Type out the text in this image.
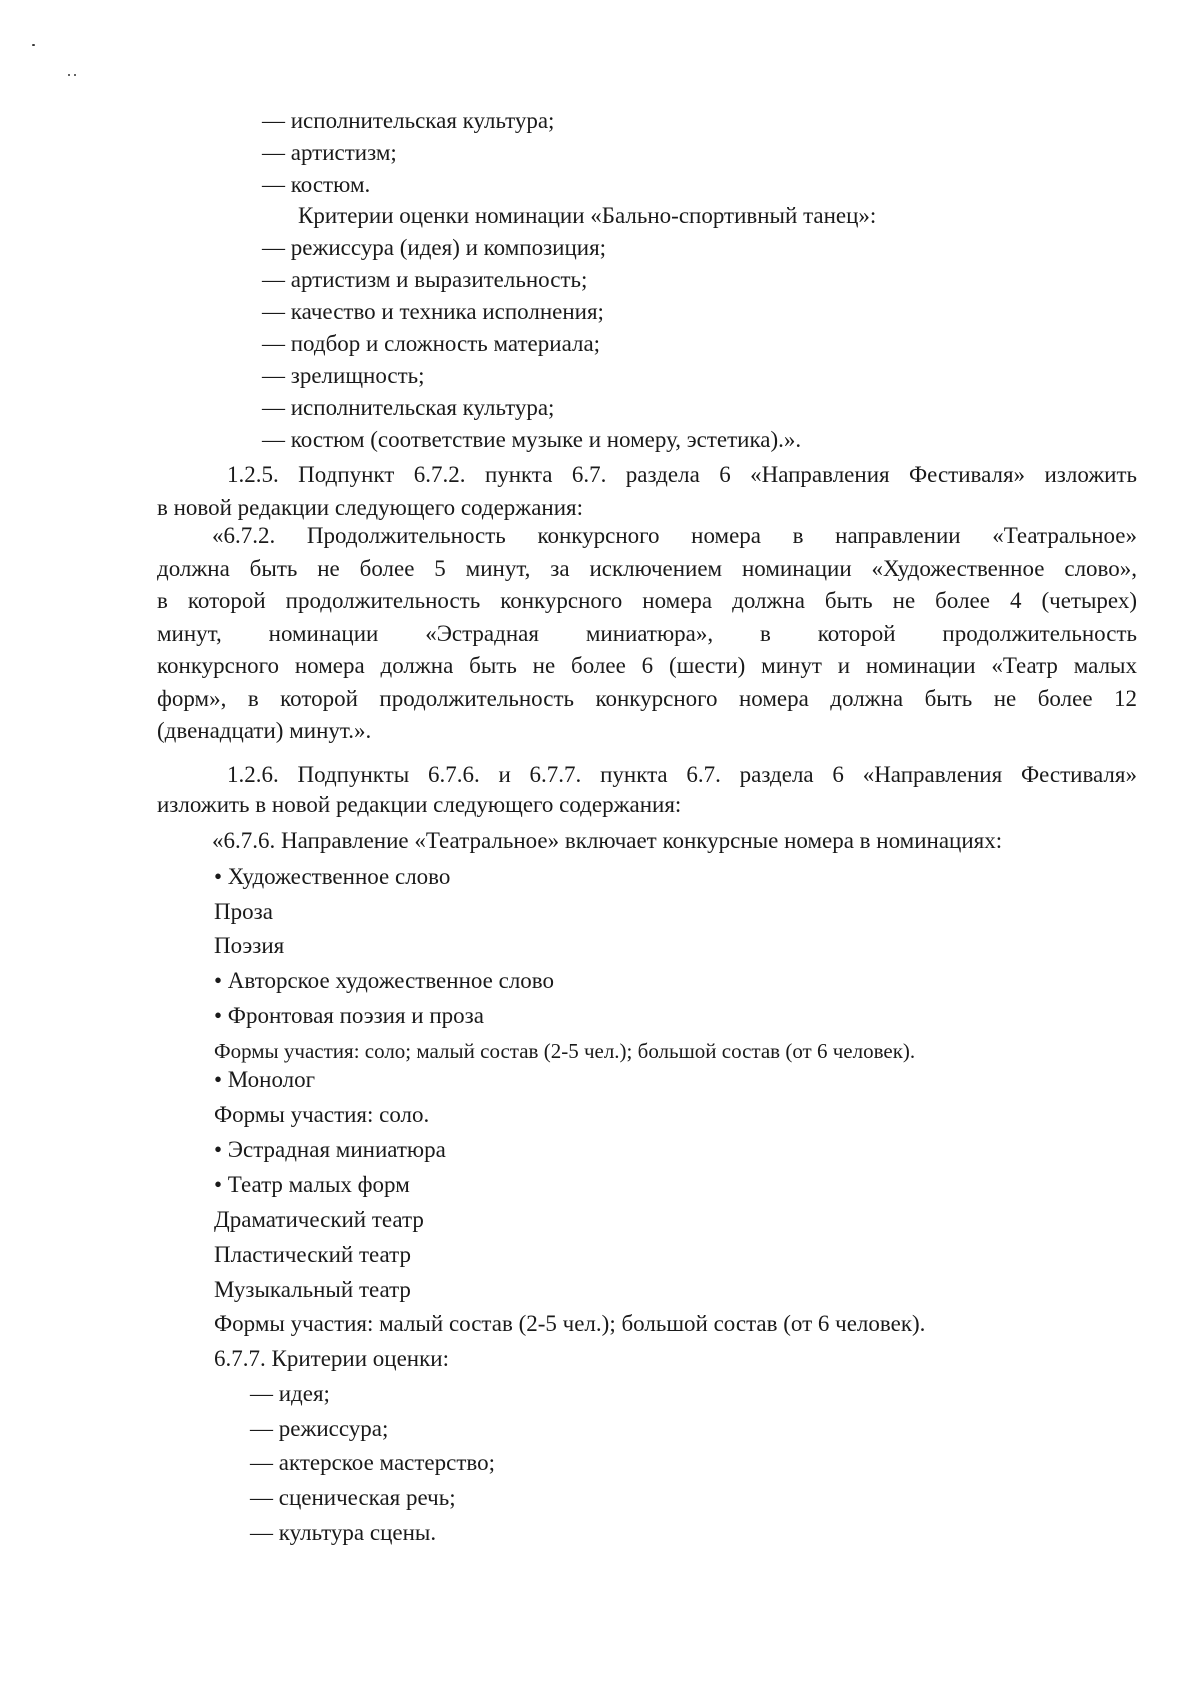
— исполнительская культура;
— артистизм;
— костюм.
Критерии оценки номинации «Бально-спортивный танец»:
— режиссура (идея) и композиция;
— артистизм и выразительность;
— качество и техника исполнения;
— подбор и сложность материала;
— зрелищность;
— исполнительская культура;
— костюм (соответствие музыке и номеру, эстетика).».
1.2.5. Подпункт 6.7.2. пункта 6.7. раздела 6 «Направления Фестиваля» изложить
в новой редакции следующего содержания:
«6.7.2. Продолжительность конкурсного номера в направлении «Театральное»
должна быть не более 5 минут, за исключением номинации «Художественное слово»,
в которой продолжительность конкурсного номера должна быть не более 4 (четырех)
минут, номинации «Эстрадная миниатюра», в которой продолжительность
конкурсного номера должна быть не более 6 (шести) минут и номинации «Театр малых
форм», в которой продолжительность конкурсного номера должна быть не более 12
(двенадцати) минут.».
1.2.6. Подпункты 6.7.6. и 6.7.7. пункта 6.7. раздела 6 «Направления Фестиваля»
изложить в новой редакции следующего содержания:
«6.7.6. Направление «Театральное» включает конкурсные номера в номинациях:
• Художественное слово
Проза
Поэзия
• Авторское художественное слово
• Фронтовая поэзия и проза
Формы участия: соло; малый состав (2-5 чел.); большой состав (от 6 человек).
• Монолог
Формы участия: соло.
• Эстрадная миниатюра
• Театр малых форм
Драматический театр
Пластический театр
Музыкальный театр
Формы участия: малый состав (2-5 чел.); большой состав (от 6 человек).
6.7.7. Критерии оценки:
— идея;
— режиссура;
— актерское мастерство;
— сценическая речь;
— культура сцены.
